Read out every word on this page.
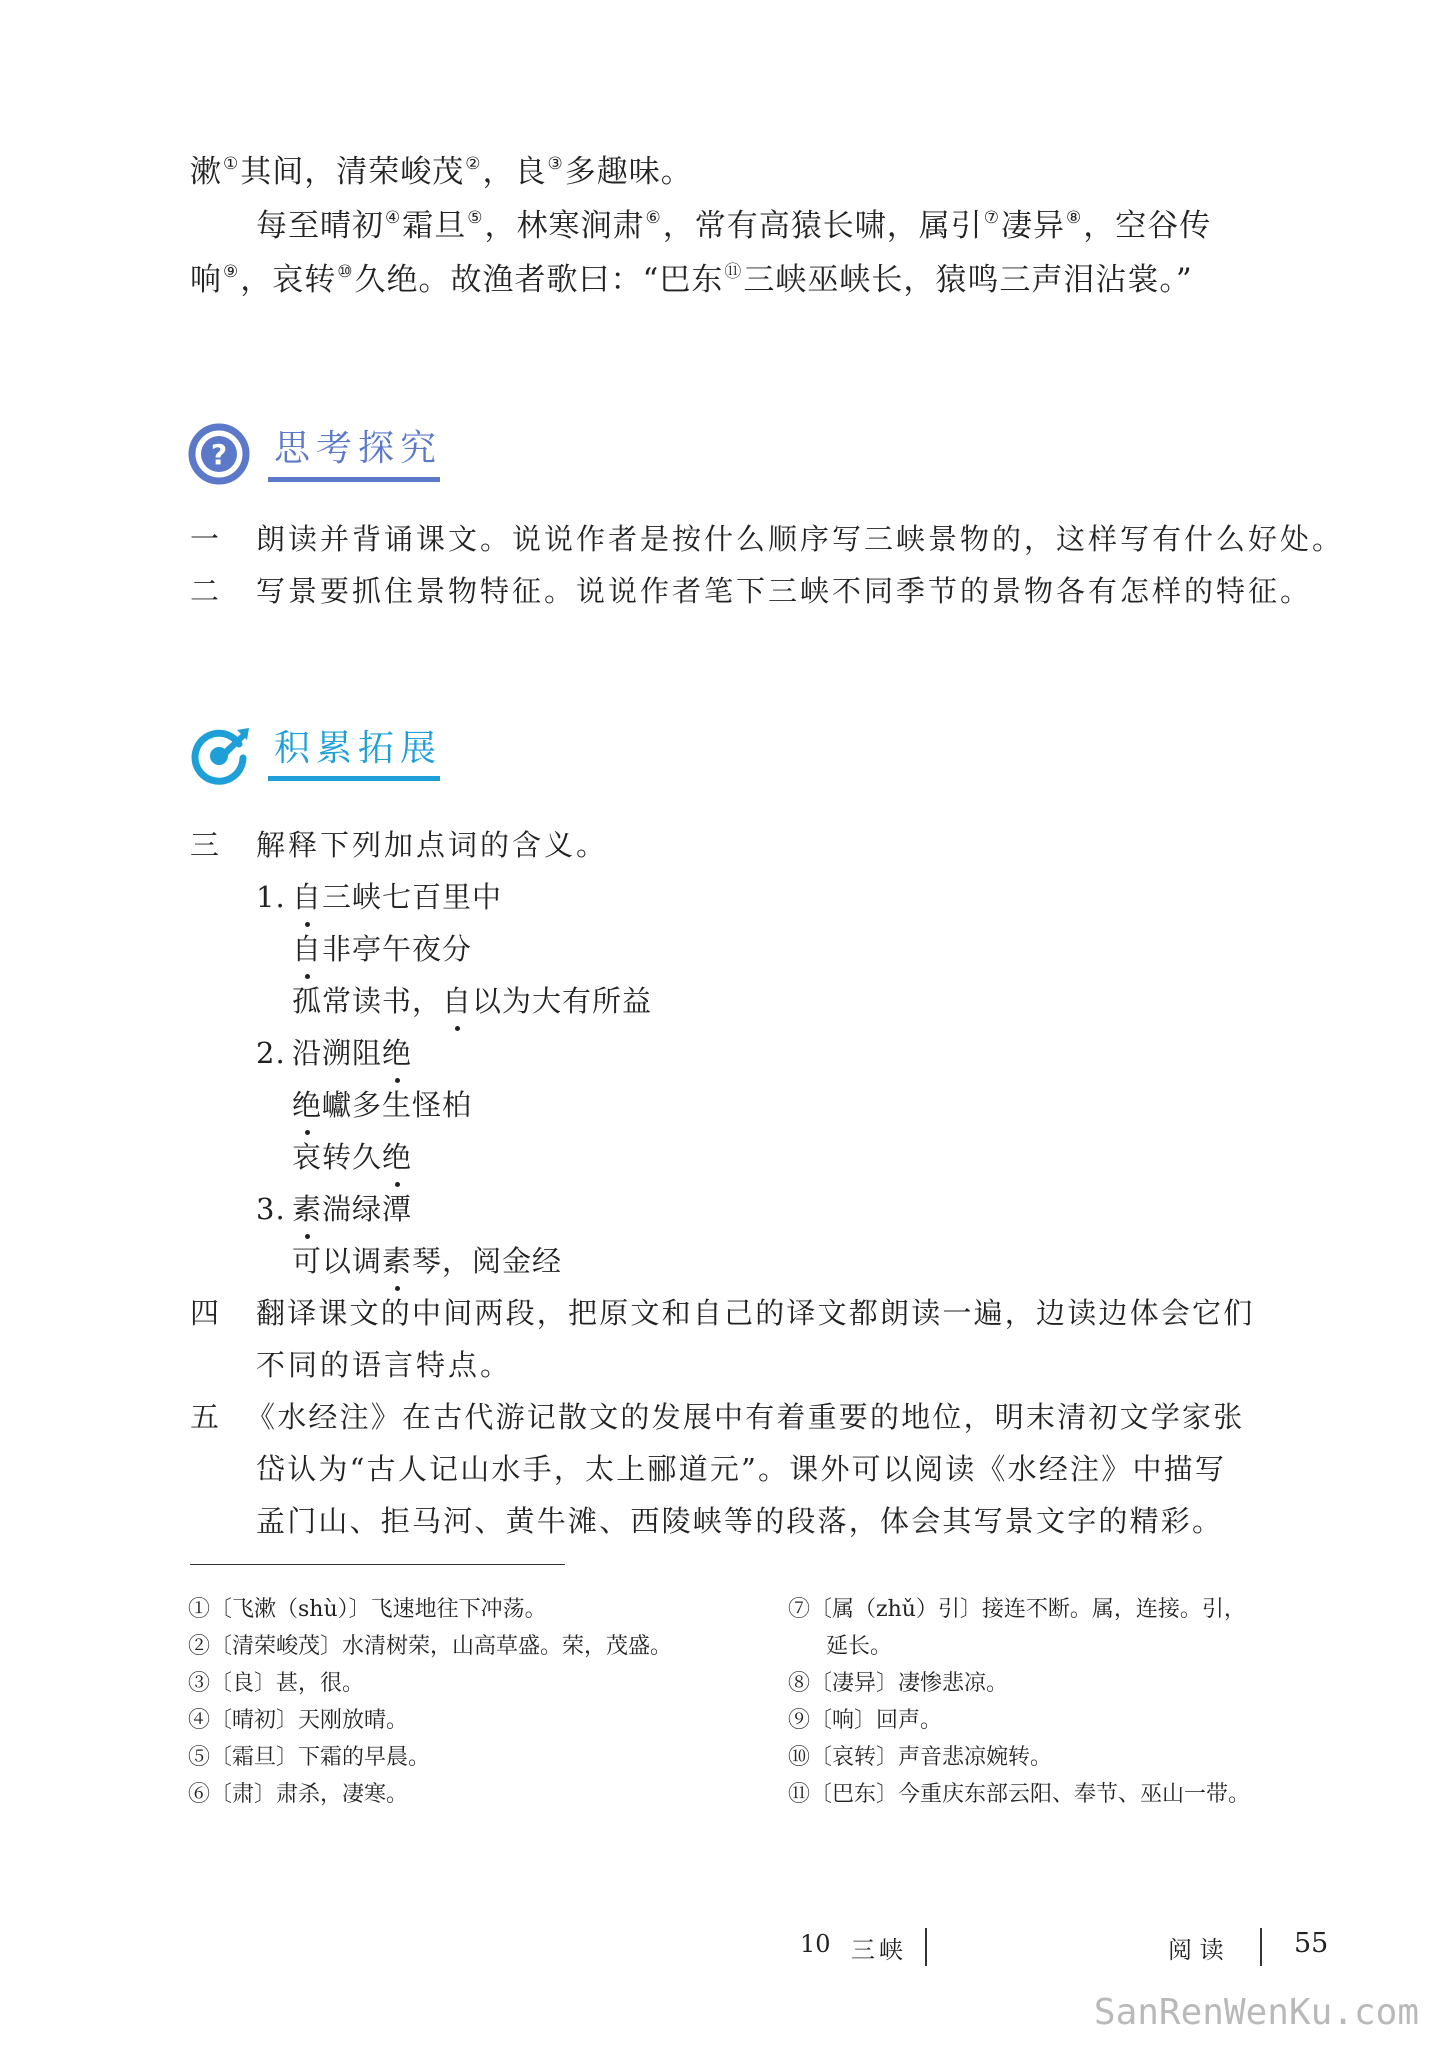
漱①其间，清荣峻茂②，良③多趣味。
每至晴初④霜旦⑤，林寒涧肃⑥，常有高猿长啸，属引⑦凄异⑧，空谷传
响⑨，哀转⑩久绝。故渔者歌曰：“巴东⑪三峡巫峡长，猿鸣三声泪沾裳。”
? 思考探究
一 朗读并背诵课文。说说作者是按什么顺序写三峡景物的，这样写有什么好处。
二 写景要抓住景物特征。说说作者笔下三峡不同季节的景物各有怎样的特征。
积累拓展
三 解释下列加点词的含义。
1. 自三峡七百里中
自非亭午夜分
孤常读书，自以为大有所益
2. 沿溯阻绝
绝巘多生怪柏
哀转久绝
3. 素湍绿潭
可以调素琴，阅金经
四 翻译课文的中间两段，把原文和自己的译文都朗读一遍，边读边体会它们
不同的语言特点。
五 《水经注》在古代游记散文的发展中有着重要的地位，明末清初文学家张
岱认为“古人记山水手，太上郦道元”。课外可以阅读《水经注》中描写
孟门山、拒马河、黄牛滩、西陵峡等的段落，体会其写景文字的精彩。
①〔飞漱（shù）〕飞速地往下冲荡。
②〔清荣峻茂〕水清树荣，山高草盛。荣，茂盛。
③〔良〕甚，很。
④〔晴初〕天刚放晴。
⑤〔霜旦〕下霜的早晨。
⑥〔肃〕肃杀，凄寒。
⑦〔属（zhǔ）引〕接连不断。属，连接。引，
延长。
⑧〔凄异〕凄惨悲凉。
⑨〔响〕回声。
⑩〔哀转〕声音悲凉婉转。
⑪〔巴东〕今重庆东部云阳、奉节、巫山一带。
10 三峡	阅 读	55
SanRenWenKu.com
